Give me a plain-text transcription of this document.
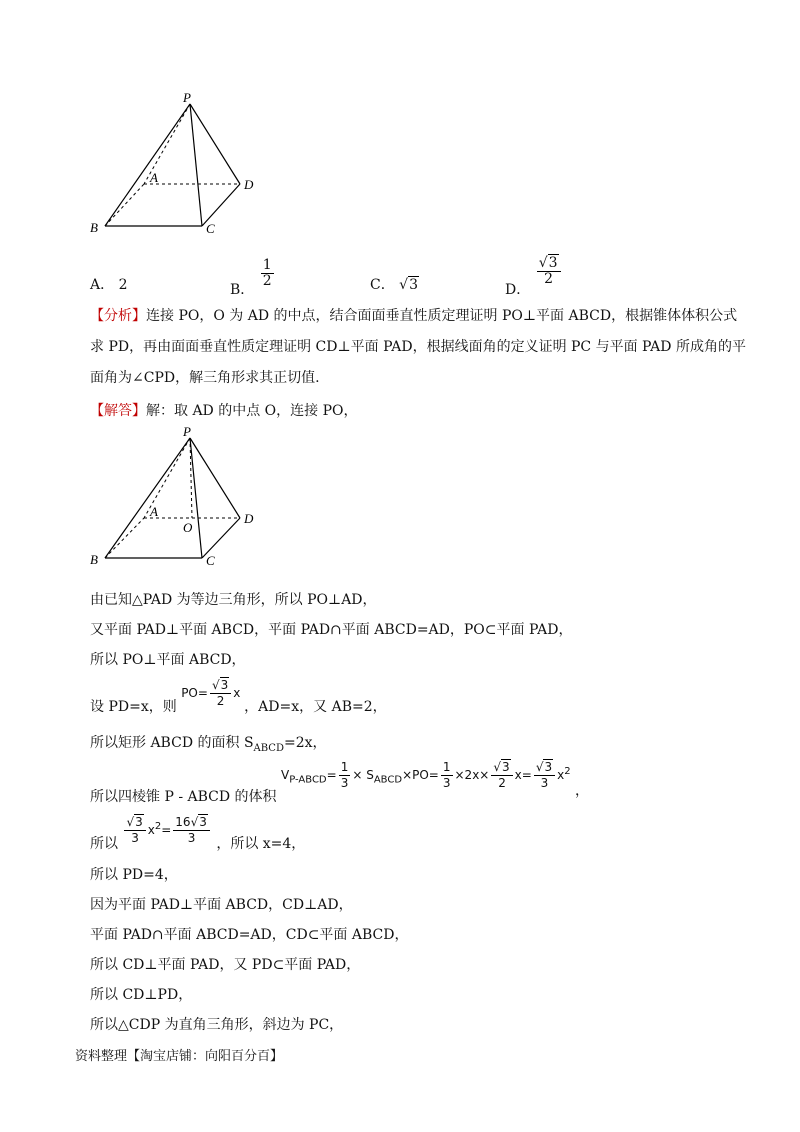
P
A	D
B	C
A． 2	B．
$\frac{1}{2}$	C． √3	D．
$\frac{√3}{2}$
【分析】连接 PO，O 为 AD 的中点，结合面面垂直性质定理证明 PO⊥平面 ABCD，根据锥体体积公式
求 PD，再由面面垂直性质定理证明 CD⊥平面 PAD，根据线面角的定义证明 PC 与平面 PAD 所成角的平
面角为∠CPD，解三角形求其正切值.
【解答】解：取 AD 的中点 O，连接 PO，
P
A
O
D
B	C
由已知△PAD 为等边三角形，所以 PO⊥AD，
又平面 PAD⊥平面 ABCD，平面 PAD∩平面 ABCD=AD，PO⊂平面 PAD，
所以 PO⊥平面 ABCD，
设 PD=x，则 $PO= \frac{√3}{2}$ x ，AD=x，又 AB=2，
所以矩形 ABCD 的面积 $S_{ABCD}=2x$，
所以四棱锥 P - ABCD 的体积 $V_{P-ABCD}= \frac{1}{3} \times S_{ABCD}\times PO= \frac{1}{3} \times 2x\times \frac{√3}{2} x= \frac{√3}{3} x^2$ ，
所以 $\frac{√3}{3} x^2= \frac{16√3}{3}$ ，所以 x=4，
所以 PD=4，
因为平面 PAD⊥平面 ABCD，CD⊥AD，
平面 PAD∩平面 ABCD=AD，CD⊂平面 ABCD，
所以 CD⊥平面 PAD，又 PD⊂平面 PAD，
所以 CD⊥PD，
所以△CDP 为直角三角形，斜边为 PC，
资料整理【淘宝店铺：向阳百分百】
